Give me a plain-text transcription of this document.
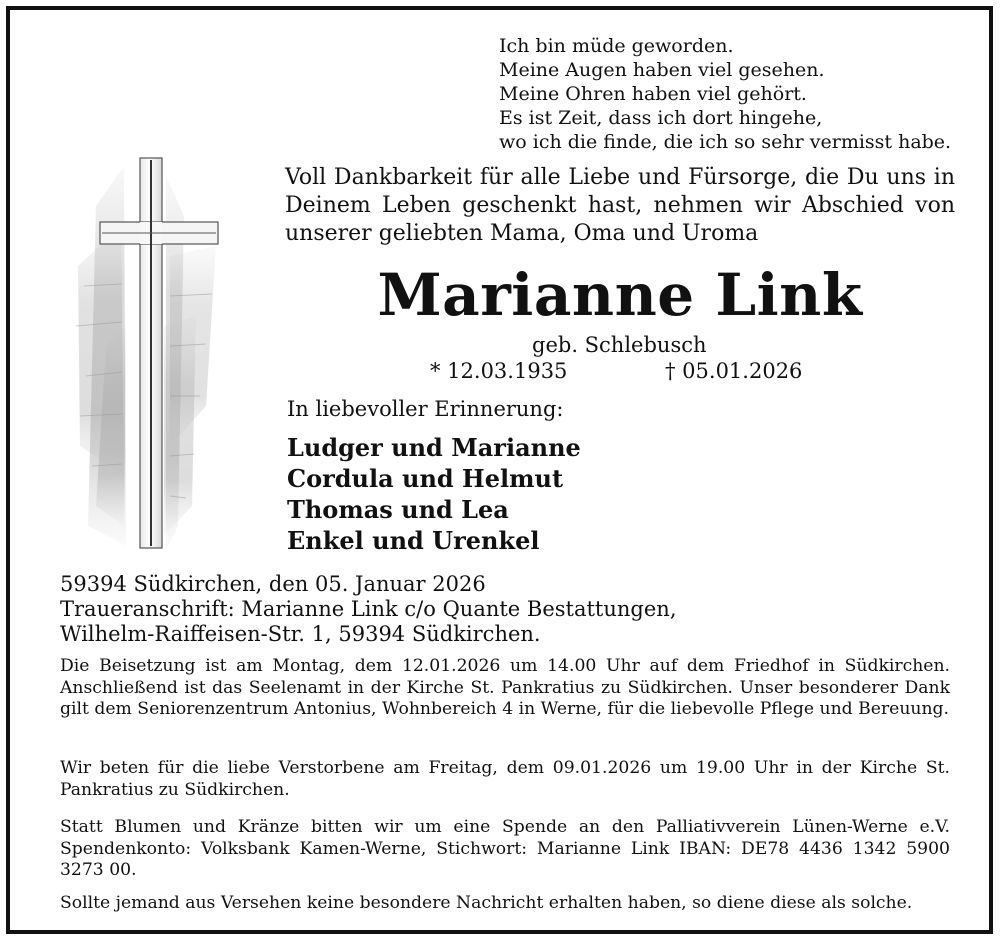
Ich bin müde geworden.
Meine Augen haben viel gesehen.
Meine Ohren haben viel gehört.
Es ist Zeit, dass ich dort hingehe,
wo ich die finde, die ich so sehr vermisst habe.
Voll Dankbarkeit für alle Liebe und Fürsorge, die Du uns in
Deinem Leben geschenkt hast, nehmen wir Abschied von
unserer geliebten Mama, Oma und Uroma
Marianne Link
geb. Schlebusch
* 12.03.1935	† 05.01.2026
In liebevoller Erinnerung:
Ludger und Marianne
Cordula und Helmut
Thomas und Lea
Enkel und Urenkel
59394 Südkirchen, den 05. Januar 2026
Traueranschrift: Marianne Link c/o Quante Bestattungen,
Wilhelm-Raiffeisen-Str. 1, 59394 Südkirchen.
Die Beisetzung ist am Montag, dem 12.01.2026 um 14.00 Uhr auf dem Friedhof in Südkirchen. Anschließend ist das Seelenamt in der Kirche St. Pankratius zu Südkirchen. Unser besonderer Dank gilt dem Seniorenzentrum Antonius, Wohnbereich 4 in Werne, für die liebevolle Pflege und Bereuung.
Wir beten für die liebe Verstorbene am Freitag, dem 09.01.2026 um 19.00 Uhr in der Kirche St. Pankratius zu Südkirchen.
Statt Blumen und Kränze bitten wir um eine Spende an den Palliativverein Lünen-Werne e.V. Spendenkonto: Volksbank Kamen-Werne, Stichwort: Marianne Link IBAN: DE78 4436 1342 5900 3273 00.
Sollte jemand aus Versehen keine besondere Nachricht erhalten haben, so diene diese als solche.
